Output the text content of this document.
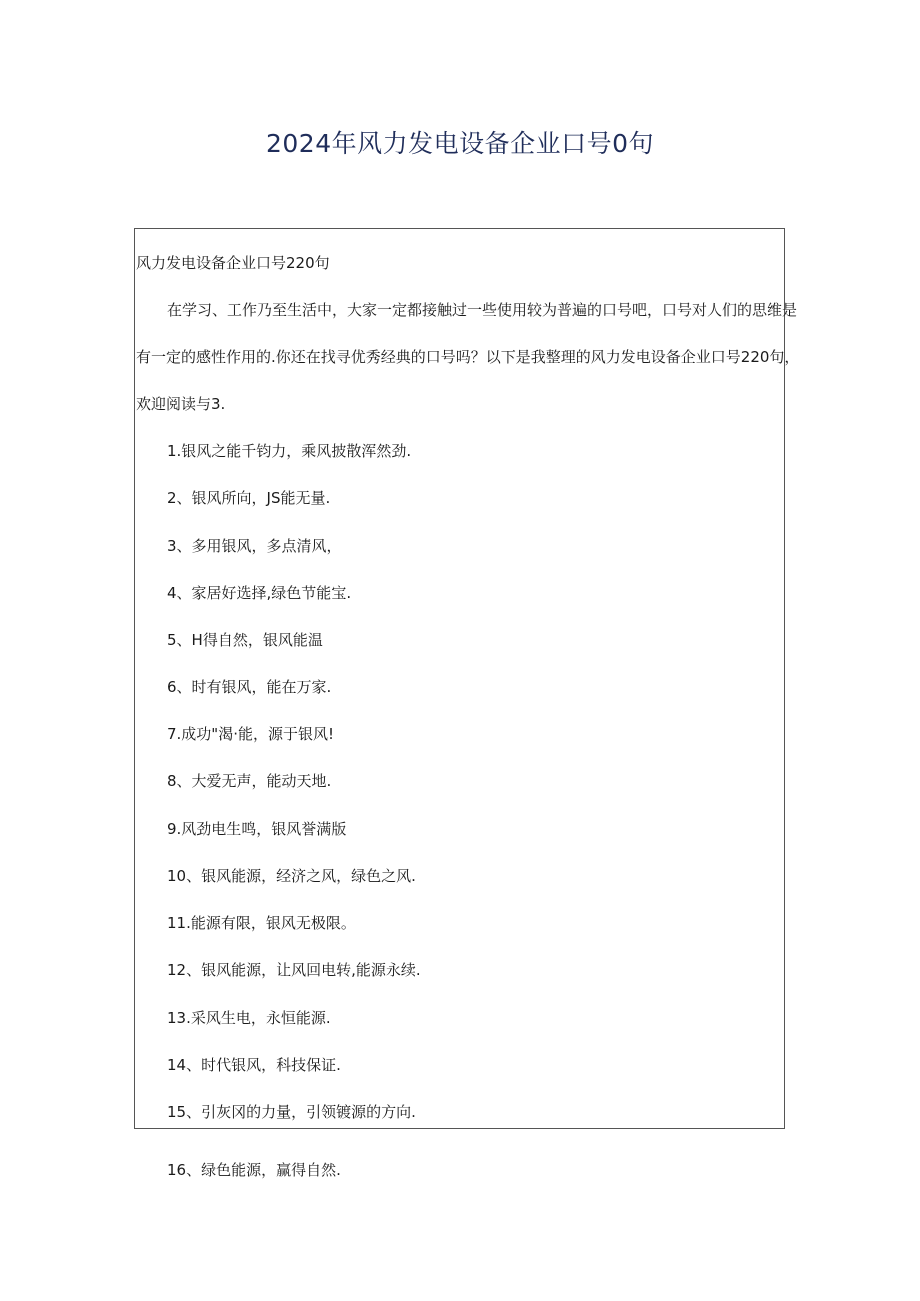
2024年风力发电设备企业口号0句

风力发电设备企业口号220句

在学习、工作乃至生活中，大家一定都接触过一些使用较为普遍的口号吧，口号对人们的思维是

有一定的感性作用的.你还在找寻优秀经典的口号吗？以下是我整理的风力发电设备企业口号220句，

欢迎阅读与3.

1.银风之能千钧力，乘风披散浑然劲.

2、银风所向，JS能无量.

3、多用银风，多点清风，

4、家居好选择,绿色节能宝.

5、H得自然，银风能温

6、时有银风，能在万家.

7.成功"渴·能，源于银风!

8、大爱无声，能动天地.

9.风劲电生鸣，银风誉满版

10、银风能源，经济之风，绿色之风.

11.能源有限，银风无极限。

12、银风能源，让风回电转,能源永续.

13.采风生电，永恒能源.

14、时代银风，科技保证.

15、引灰冈的力量，引领镀源的方向.

16、绿色能源，赢得自然.
